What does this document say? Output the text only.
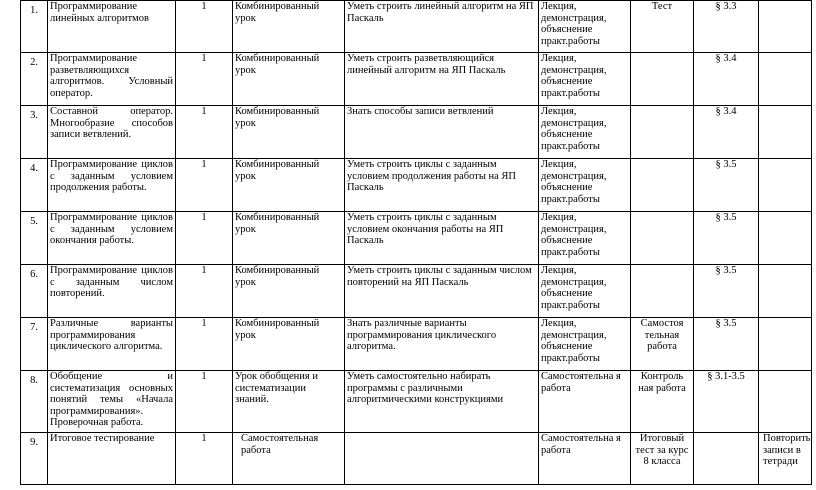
1.	Программирование линейных алгоритмов	1	Комбинированный урок	Уметь строить линейный алгоритм на ЯП Паскаль	Лекция, демонстрация, объяснение практ.работы	Тест	§ 3.3	
2.	Программирование разветвляющихся алгоритмов. Условный оператор.	1	Комбинированный урок	Уметь строить разветвляющийся линейный алгоритм на ЯП Паскаль	Лекция, демонстрация, объяснение практ.работы		§ 3.4	
3.	Составной оператор. Многообразие способов записи ветвлений.	1	Комбинированный урок	Знать способы записи ветвлений	Лекция, демонстрация, объяснение практ.работы		§ 3.4	
4.	Программирование циклов с заданным условием продолжения работы.	1	Комбинированный урок	Уметь строить циклы с заданным условием продолжения работы на ЯП Паскаль	Лекция, демонстрация, объяснение практ.работы		§ 3.5	
5.	Программирование циклов с заданным условием окончания работы.	1	Комбинированный урок	Уметь строить циклы с заданным условием окончания работы на ЯП Паскаль	Лекция, демонстрация, объяснение практ.работы		§ 3.5	
6.	Программирование циклов с заданным числом повторений.	1	Комбинированный урок	Уметь строить циклы с заданным числом повторений на ЯП Паскаль	Лекция, демонстрация, объяснение практ.работы		§ 3.5	
7.	Различные варианты программирования циклического алгоритма.	1	Комбинированный урок	Знать различные варианты программирования циклического алгоритма.	Лекция, демонстрация, объяснение практ.работы	Самостоя тельная работа	§ 3.5	
8.	Обобщение и систематизация основных понятий темы «Начала программирования». Проверочная работа.	1	Урок обобщения и систематизации знаний.	Уметь самостоятельно набирать программы с различными алгоритмическими конструкциями	Самостоятельна я работа	Контроль ная работа	§ 3.1-3.5	
9.	Итоговое тестирование	1	Самостоятельная работа		Самостоятельна я работа	Итоговый тест за курс 8 класса		Повторить записи в тетради
